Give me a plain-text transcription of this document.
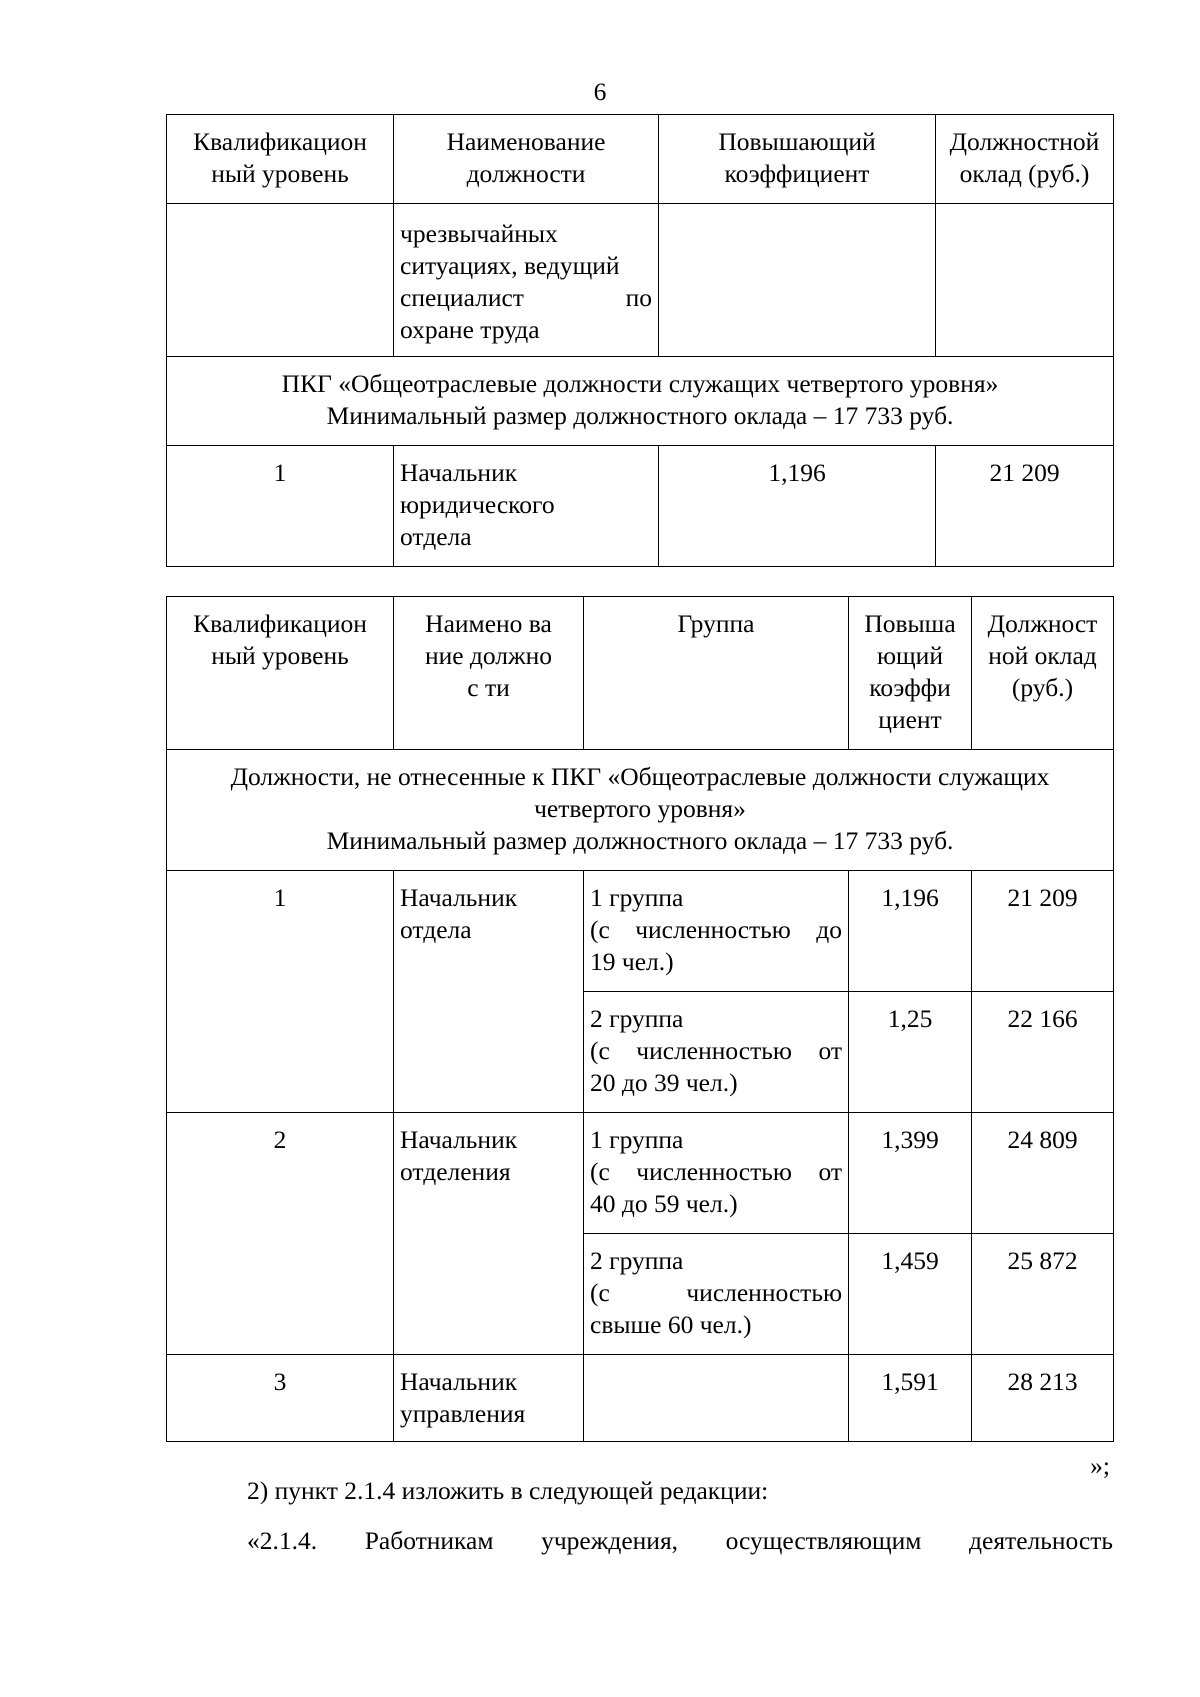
6
Квалификацион ный уровень	Наименование должности	Повышающий коэффициент	Должностной оклад (руб.)

	чрезвычайных
ситуациях, ведущий
специалист по
охране труда		

ПКГ «Общеотраслевые должности служащих четвертого уровня»
Минимальный размер должностного оклада – 17 733 руб.			

1	Начальник юридического отдела	1,196	21 209
Квалификацион ный уровень	Наимено вание должнос ти	Группа	Повыша ющий коэффи циент	Должност ной оклад (руб.)

Должности, не отнесенные к ПКГ «Общеотраслевые должности служащих
четвертого уровня»
Минимальный размер должностного оклада – 17 733 руб.				

1	Начальник отдела	1 группа
(с численностью до
19 чел.)	1,196	21 209

		2 группа
(с численностью от
20 до 39 чел.)	1,25	22 166

2	Начальник отделения	1 группа
(с численностью от
40 до 59 чел.)	1,399	24 809

		2 группа
(с численностью
свыше 60 чел.)	1,459	25 872

3	Начальник управления		1,591	28 213
»;
2) пункт 2.1.4 изложить в следующей редакции:
«2.1.4. Работникам учреждения, осуществляющим деятельность
